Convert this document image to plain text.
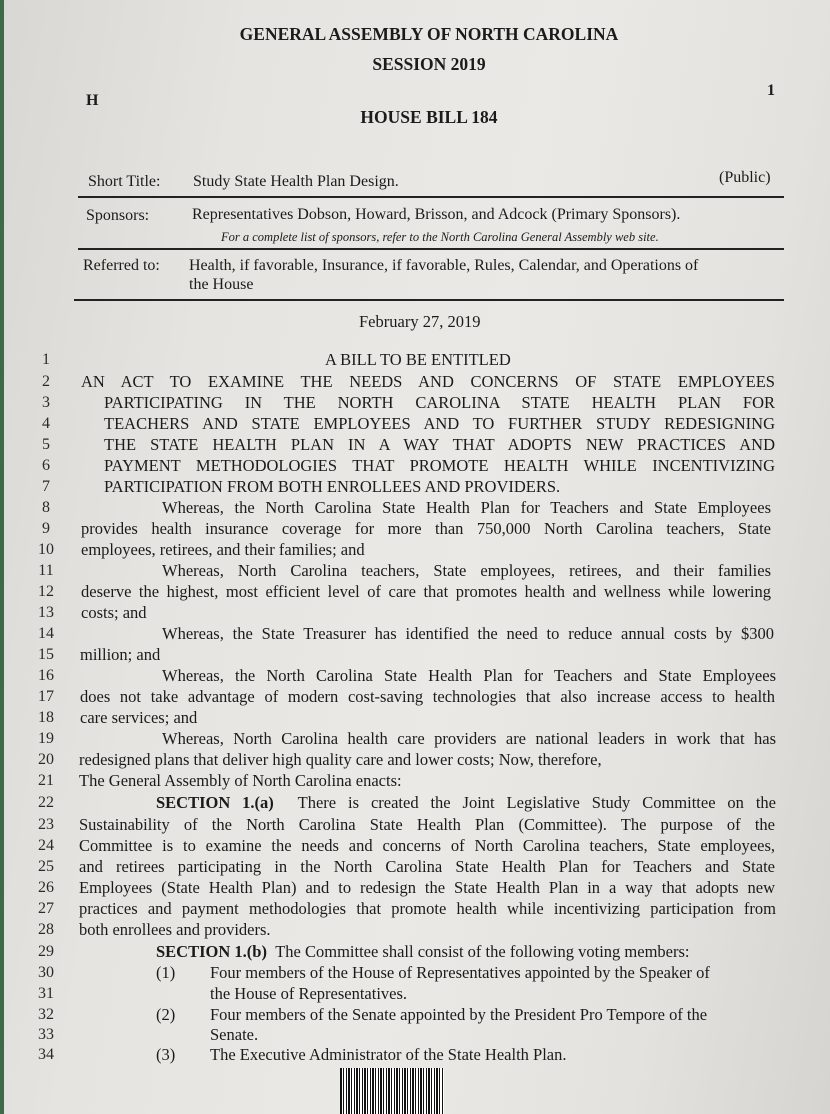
GENERAL ASSEMBLY OF NORTH CAROLINA
SESSION 2019
H
1
HOUSE BILL 184
Short Title: Study State Health Plan Design.	(Public)
Sponsors:	Representatives Dobson, Howard, Brisson, and Adcock (Primary Sponsors).
For a complete list of sponsors, refer to the North Carolina General Assembly web site.
Referred to: Health, if favorable, Insurance, if favorable, Rules, Calendar, and Operations of
the House
February 27, 2019
1	A BILL TO BE ENTITLED
2	AN ACT TO EXAMINE THE NEEDS AND CONCERNS OF STATE EMPLOYEES
3	PARTICIPATING IN THE NORTH CAROLINA STATE HEALTH PLAN FOR
4	TEACHERS AND STATE EMPLOYEES AND TO FURTHER STUDY REDESIGNING
5	THE STATE HEALTH PLAN IN A WAY THAT ADOPTS NEW PRACTICES AND
6	PAYMENT METHODOLOGIES THAT PROMOTE HEALTH WHILE INCENTIVIZING
7	PARTICIPATION FROM BOTH ENROLLEES AND PROVIDERS.
8	Whereas, the North Carolina State Health Plan for Teachers and State Employees
9	provides health insurance coverage for more than 750,000 North Carolina teachers, State
10 employees, retirees, and their families; and
11	Whereas, North Carolina teachers, State employees, retirees, and their families
12 deserve the highest, most efficient level of care that promotes health and wellness while lowering
13 costs; and
14	Whereas, the State Treasurer has identified the need to reduce annual costs by $300
15 million; and
16	Whereas, the North Carolina State Health Plan for Teachers and State Employees
17 does not take advantage of modern cost-saving technologies that also increase access to health
18 care services; and
19	Whereas, North Carolina health care providers are national leaders in work that has
20 redesigned plans that deliver high quality care and lower costs; Now, therefore,
21 The General Assembly of North Carolina enacts:
22	SECTION 1.(a) There is created the Joint Legislative Study Committee on the
23 Sustainability of the North Carolina State Health Plan (Committee). The purpose of the
24 Committee is to examine the needs and concerns of North Carolina teachers, State employees,
25 and retirees participating in the North Carolina State Health Plan for Teachers and State
26 Employees (State Health Plan) and to redesign the State Health Plan in a way that adopts new
27 practices and payment methodologies that promote health while incentivizing participation from
28 both enrollees and providers.
29	SECTION 1.(b) The Committee shall consist of the following voting members:
30	(1) Four members of the House of Representatives appointed by the Speaker of
31	the House of Representatives.
32	(2) Four members of the Senate appointed by the President Pro Tempore of the
33	Senate.
34	(3) The Executive Administrator of the State Health Plan.
